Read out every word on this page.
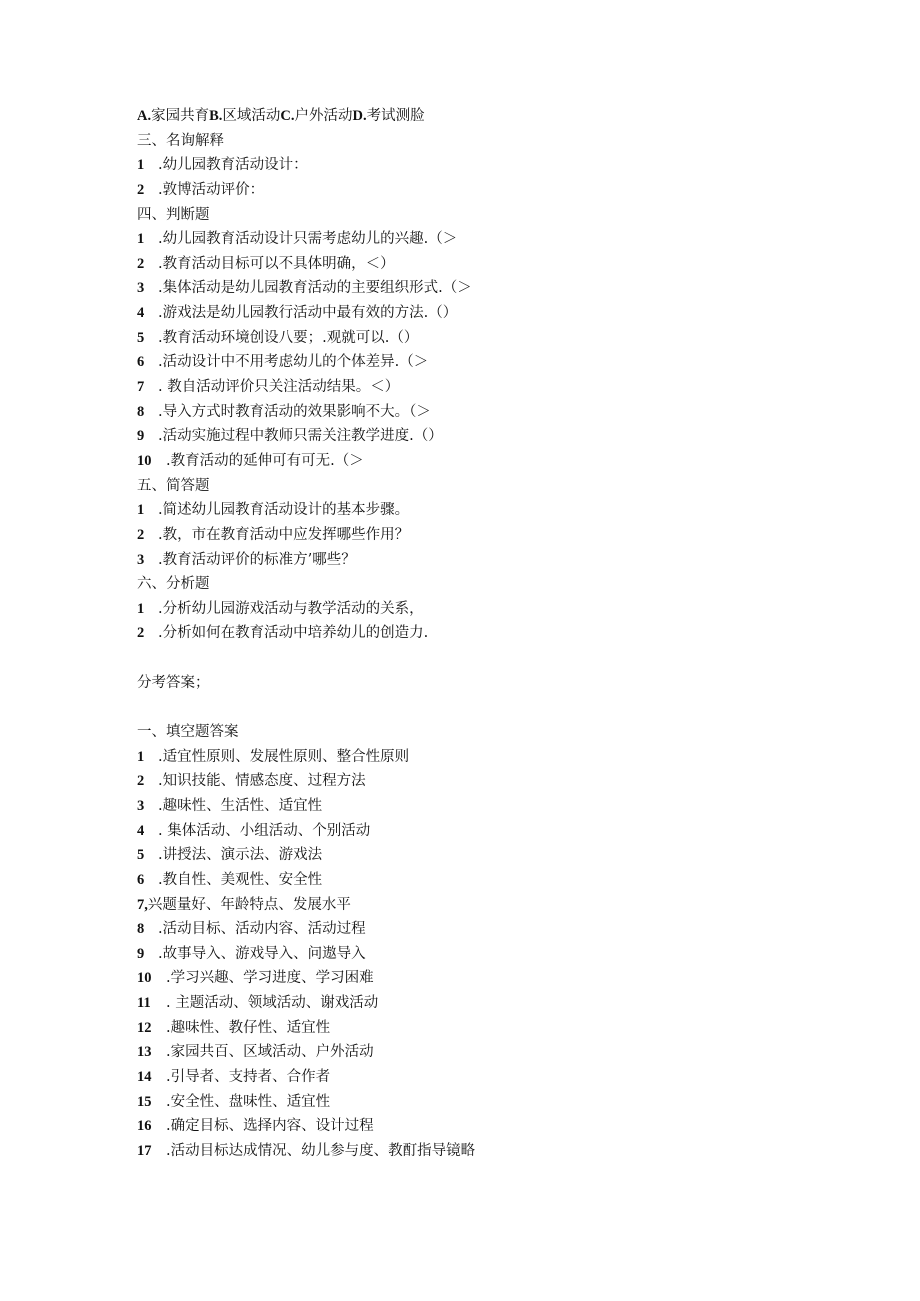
A.家园共育B.区域活动C.户外活动D.考试测脸
三、名询解释
1 .幼儿园教育活动设计：
2 .敦博活动评价：
四、判断题
1 .幼儿园教育活动设计只需考虑幼儿的兴趣.（＞
2 .教育活动目标可以不具体明确，＜）
3 .集体活动是幼儿园教育活动的主要组织形式.（＞
4 .游戏法是幼儿园教行活动中最有效的方法.（）
5 .教育活动环境创设八要；.观就可以.（）
6 .活动设计中不用考虑幼儿的个体差异.（＞
7 . 教自活动评价只关注活动结果。＜）
8 .导入方式时教育活动的效果影响不大。（＞
9 .活动实施过程中教师只需关注教学进度.（）
10 .教育活动的延伸可有可无.（＞
五、简答题
1 .简述幼儿园教育活动设计的基本步骤。
2 .教，市在教育活动中应发挥哪些作用？
3 .教育活动评价的标准方’哪些？
六、分析题
1 .分析幼儿园游戏活动与教学活动的关系，
2 .分析如何在教育活动中培养幼儿的创造力.
分考答案；
一、填空题答案
1 .适宜性原则、发展性原则、整合性原则
2 .知识技能、情感态度、过程方法
3 .趣味性、生活性、适宜性
4 . 集体活动、小组活动、个别活动
5 .讲授法、演示法、游戏法
6 .教自性、美观性、安全性
7,兴题量好、年龄特点、发展水平
8 .活动目标、活动内容、活动过程
9 .故事导入、游戏导入、问遨导入
10 .学习兴趣、学习进度、学习困难
11 . 主题活动、领域活动、谢戏活动
12 .趣味性、教仔性、适宜性
13 .家园共百、区域活动、户外活动
14 .引导者、支持者、合作者
15 .安全性、盘味性、适宜性
16 .确定目标、选择内容、设计过程
17 .活动目标达成情况、幼儿参与度、教酊指导镜略
